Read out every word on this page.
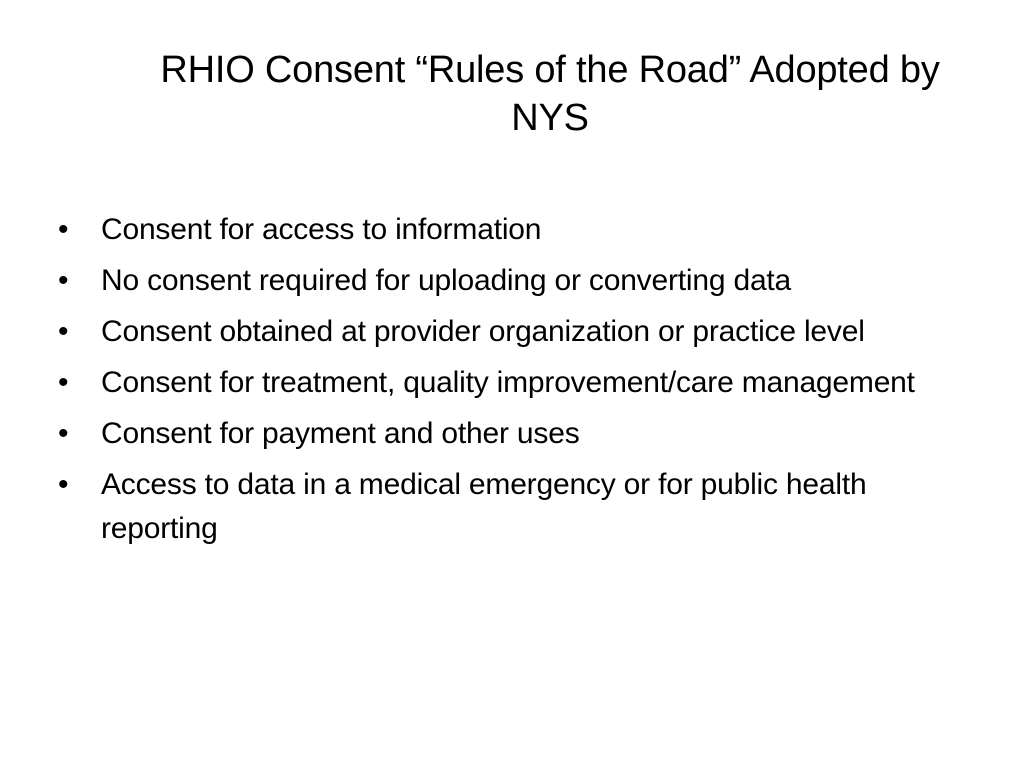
RHIO Consent “Rules of the Road” Adopted by NYS
•	Consent for access to information
•	No consent required for uploading or converting data
•	Consent obtained at provider organization or practice level
•	Consent for treatment, quality improvement/care management
•	Consent for payment and other uses
•	Access to data in a medical emergency or for public health reporting
